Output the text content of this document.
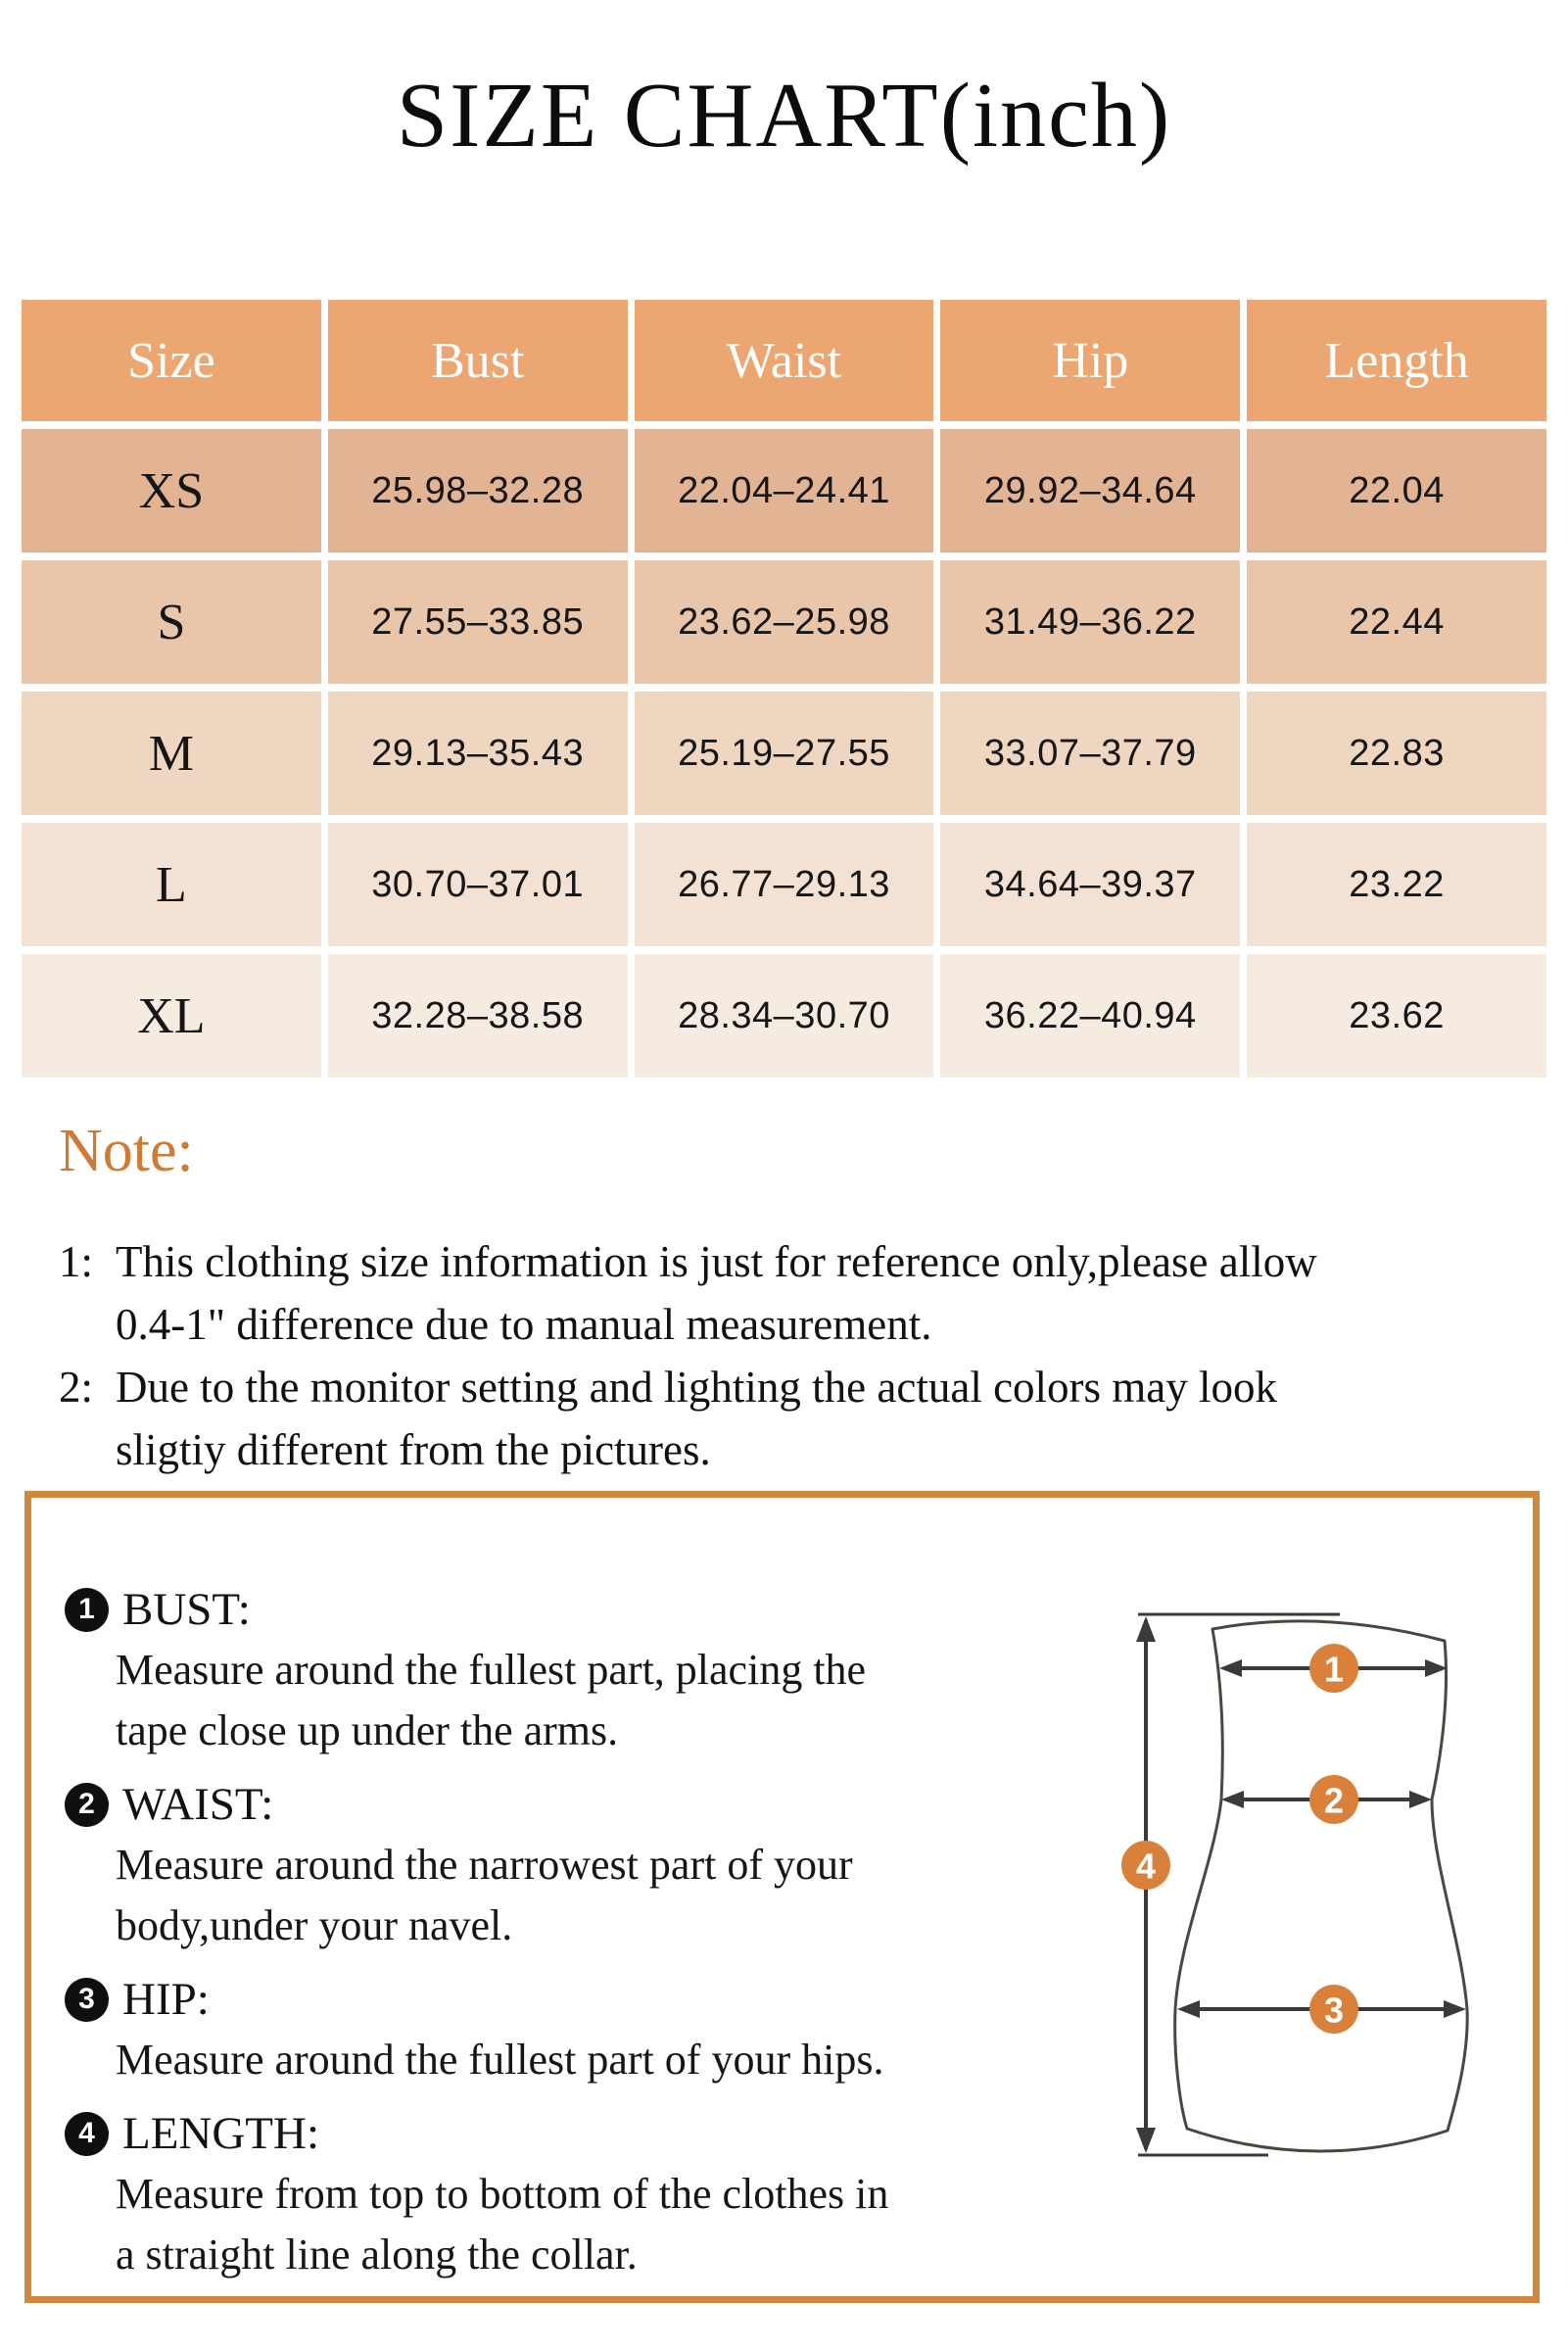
SIZE CHART(inch)
Size	Bust	Waist	Hip	Length
XS	25.98–32.28	22.04–24.41	29.92–34.64	22.04
S	27.55–33.85	23.62–25.98	31.49–36.22	22.44
M	29.13–35.43	25.19–27.55	33.07–37.79	22.83
L	30.70–37.01	26.77–29.13	34.64–39.37	23.22
XL	32.28–38.58	28.34–30.70	36.22–40.94	23.62
Note:
1: This clothing size information is just for reference only,please allow
0.4-1" difference due to manual measurement.
2: Due to the monitor setting and lighting the actual colors may look
sligtiy different from the pictures.
1 BUST:
Measure around the fullest part, placing the
tape close up under the arms.
2 WAIST:
Measure around the narrowest part of your
body,under your navel.
3 HIP:
Measure around the fullest part of your hips.
4 LENGTH:
Measure from top to bottom of the clothes in
a straight line along the collar.
1
2
3
4
